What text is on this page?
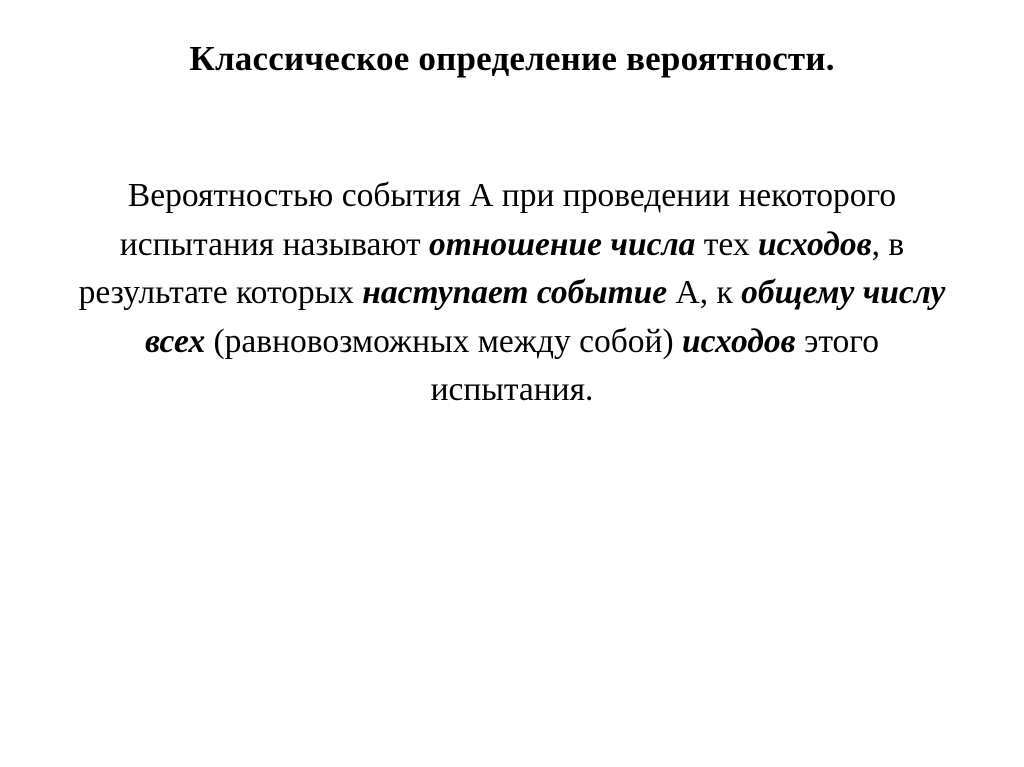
Классическое определение вероятности.
Вероятностью события А при проведении некоторого испытания называют отношение числа тех исходов, в результате которых наступает событие А, к общему числу всех (равновозможных между собой) исходов этого испытания.
